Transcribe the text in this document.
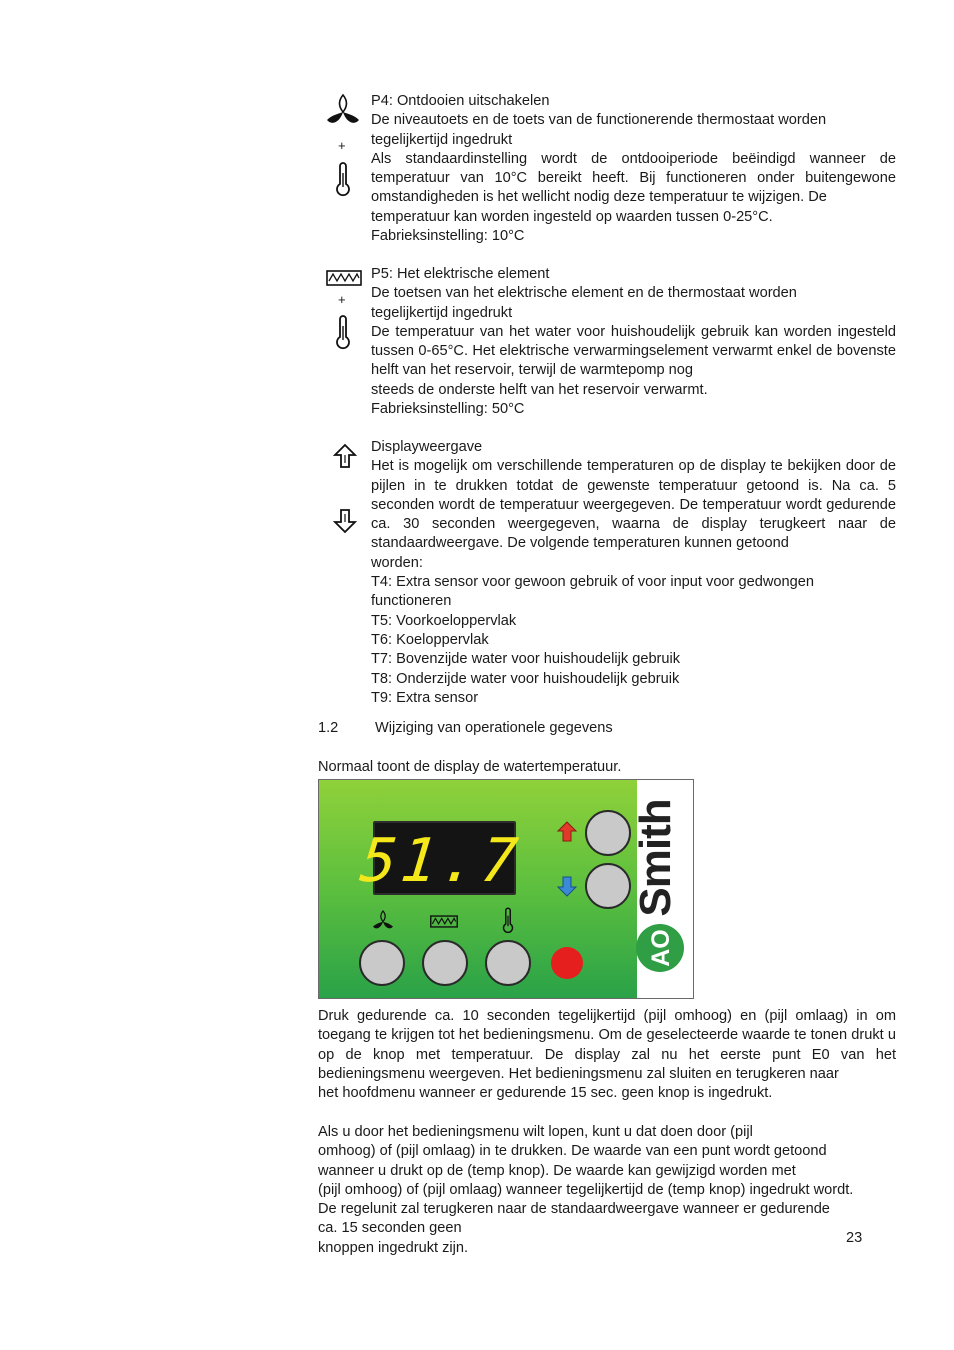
+
P4: Ontdooien uitschakelen
De niveautoets en de toets van de functionerende thermostaat worden
tegelijkertijd ingedrukt
Als standaardinstelling wordt de ontdooiperiode beëindigd wanneer de temperatuur van 10°C bereikt heeft. Bij functioneren onder buitengewone omstandigheden is het wellicht nodig deze temperatuur te wijzigen. De
temperatuur kan worden ingesteld op waarden tussen 0-25°C.
Fabrieksinstelling: 10°C
+
P5: Het elektrische element
De toetsen van het elektrische element en de thermostaat worden
tegelijkertijd ingedrukt
De temperatuur van het water voor huishoudelijk gebruik kan worden ingesteld tussen 0-65°C. Het elektrische verwarmingselement verwarmt enkel de bovenste helft van het reservoir, terwijl de warmtepomp nog
steeds de onderste helft van het reservoir verwarmt.
Fabrieksinstelling: 50°C
Displayweergave
Het is mogelijk om verschillende temperaturen op de display te bekijken door de pijlen in te drukken totdat de gewenste temperatuur getoond is. Na ca. 5 seconden wordt de temperatuur weergegeven. De temperatuur wordt gedurende ca. 30 seconden weergegeven, waarna de display terugkeert naar de standaardweergave. De volgende temperaturen kunnen getoond
worden:
T4: Extra sensor voor gewoon gebruik of voor input voor gedwongen
functioneren
T5: Voorkoeloppervlak
T6: Koeloppervlak
T7: Bovenzijde water voor huishoudelijk gebruik
T8: Onderzijde water voor huishoudelijk gebruik
T9: Extra sensor
1.2	Wijziging van operationele gegevens
Normaal toont de display de watertemperatuur.
51.7
AO
Smith
Druk gedurende ca. 10 seconden tegelijkertijd (pijl omhoog) en (pijl omlaag) in om toegang te krijgen tot het bedieningsmenu. Om de geselecteerde waarde te tonen drukt u op de knop met temperatuur. De display zal nu het eerste punt E0 van het bedieningsmenu weergeven. Het bedieningsmenu zal sluiten en terugkeren naar
het hoofdmenu wanneer er gedurende 15 sec. geen knop is ingedrukt.
Als u door het bedieningsmenu wilt lopen, kunt u dat doen door (pijl
omhoog) of (pijl omlaag) in te drukken. De waarde van een punt wordt getoond
wanneer u drukt op de (temp knop). De waarde kan gewijzigd worden met
(pijl omhoog) of (pijl omlaag) wanneer tegelijkertijd de (temp knop) ingedrukt wordt.
De regelunit zal terugkeren naar de standaardweergave wanneer er gedurende
ca. 15 seconden geen
knoppen ingedrukt zijn.
23
